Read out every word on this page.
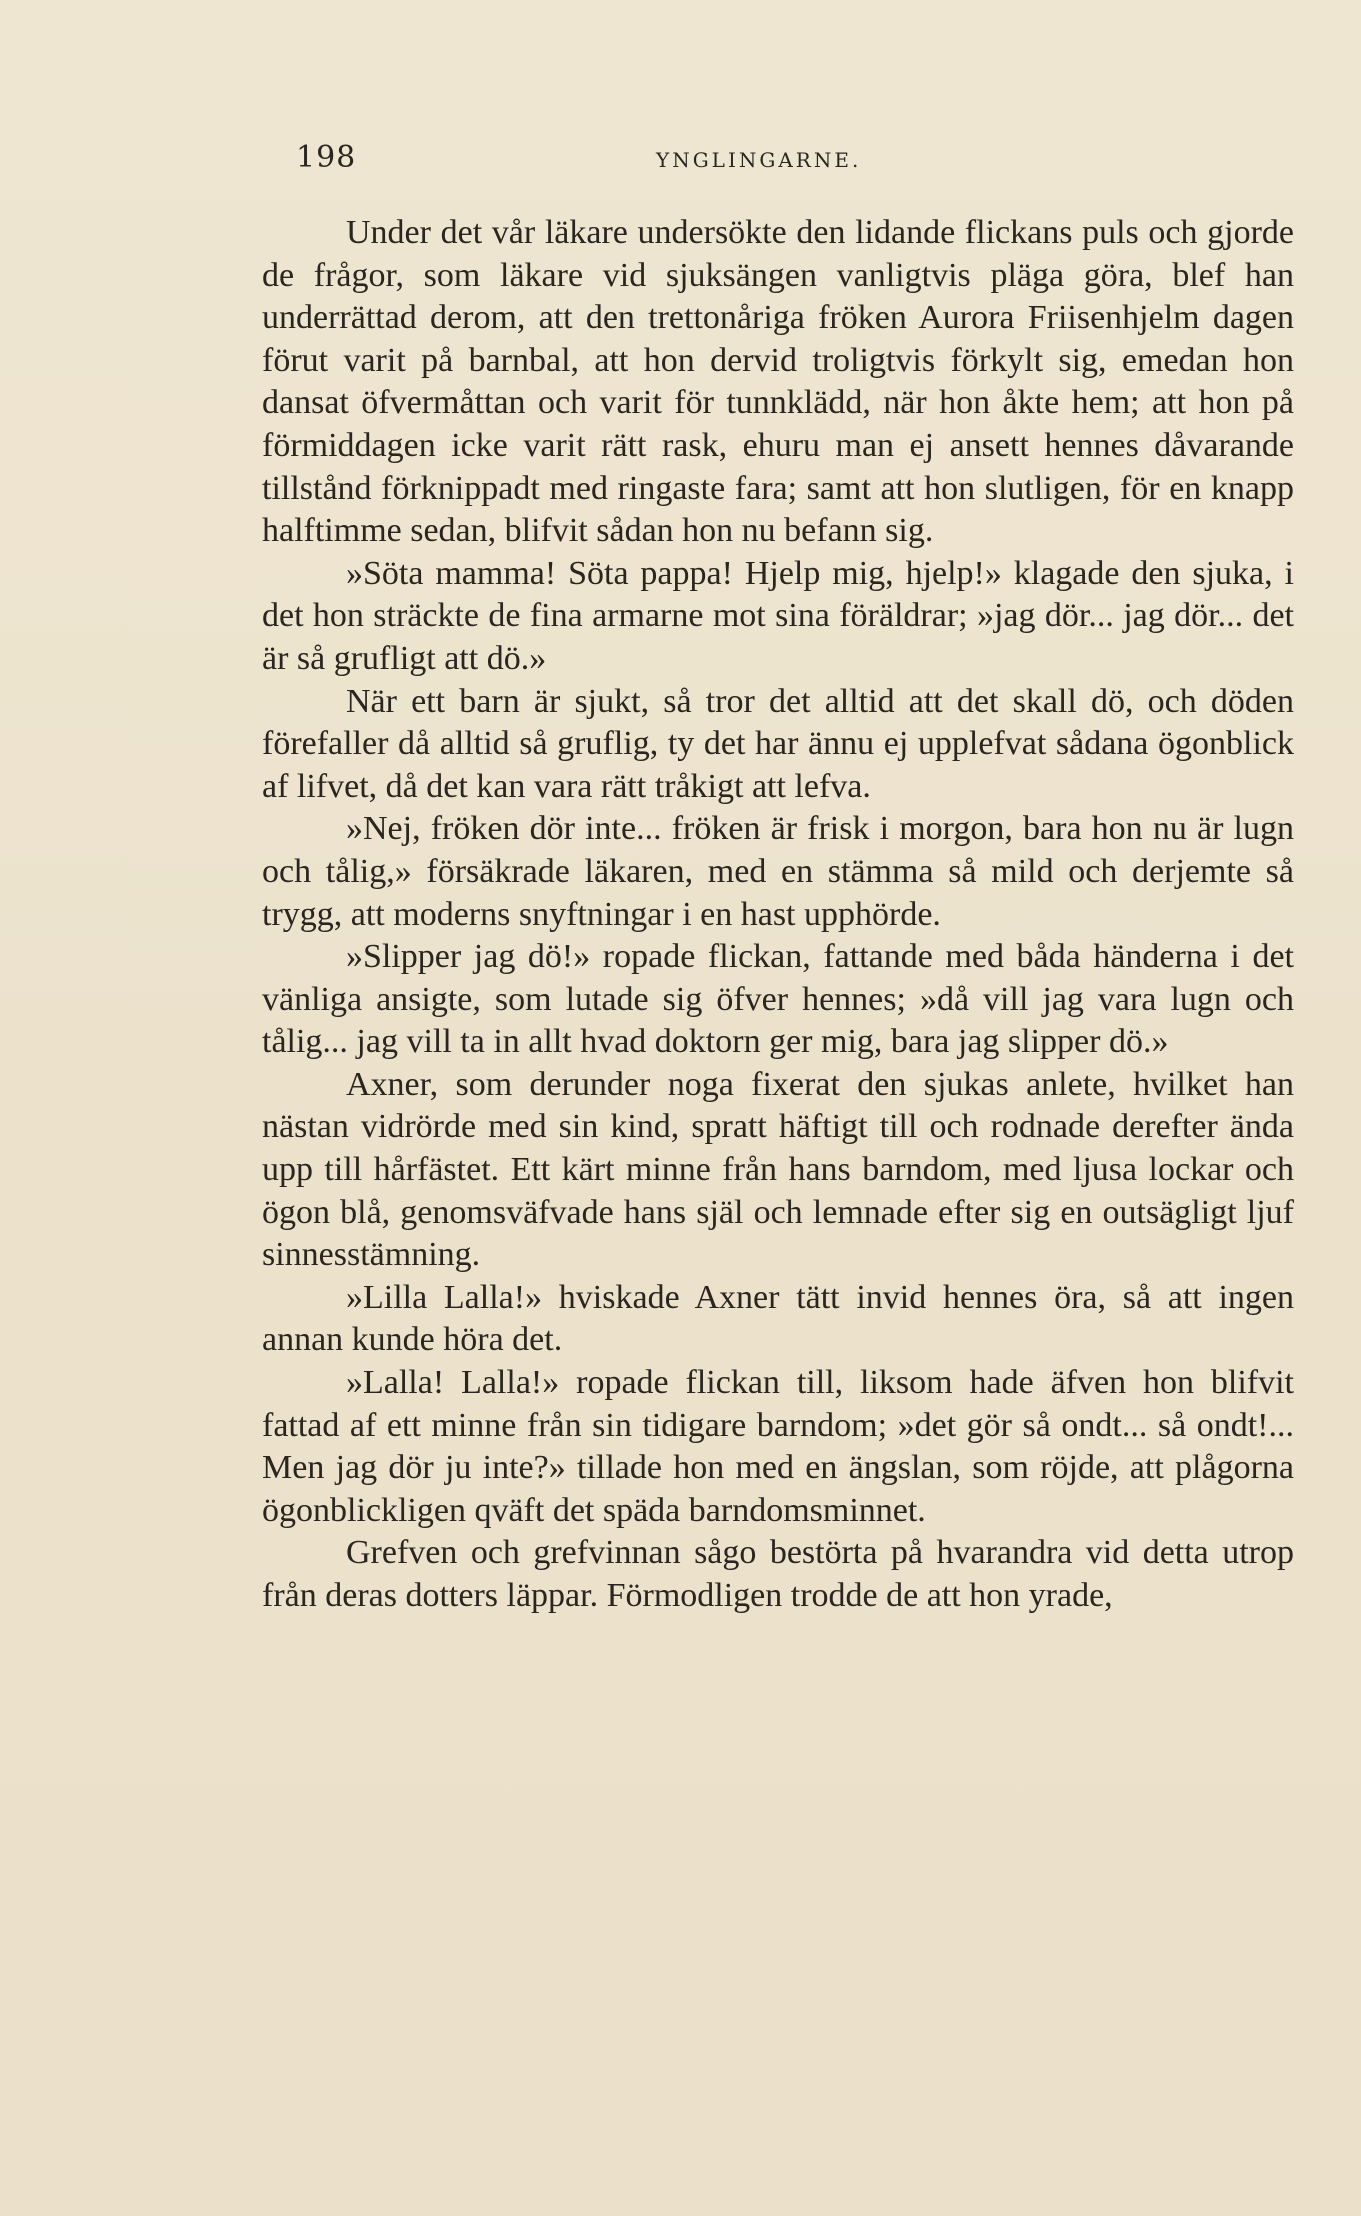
198	YNGLINGARNE.

Under det vår läkare undersökte den lidande flickans puls och gjorde de frågor, som läkare vid sjuksängen vanligtvis pläga göra, blef han underrättad derom, att den trettonåriga fröken Aurora Friisenhjelm dagen förut varit på barnbal, att hon dervid troligtvis förkylt sig, emedan hon dansat öfvermåttan och varit för tunnklädd, när hon åkte hem; att hon på förmiddagen icke varit rätt rask, ehuru man ej ansett hennes dåvarande tillstånd förknippadt med ringaste fara; samt att hon slutligen, för en knapp halftimme sedan, blifvit sådan hon nu befann sig.

»Söta mamma! Söta pappa! Hjelp mig, hjelp!» klagade den sjuka, i det hon sträckte de fina armarne mot sina föräldrar; »jag dör... jag dör... det är så grufligt att dö.»

När ett barn är sjukt, så tror det alltid att det skall dö, och döden förefaller då alltid så gruflig, ty det har ännu ej upplefvat sådana ögonblick af lifvet, då det kan vara rätt tråkigt att lefva.

»Nej, fröken dör inte... fröken är frisk i morgon, bara hon nu är lugn och tålig,» försäkrade läkaren, med en stämma så mild och derjemte så trygg, att moderns snyftningar i en hast upphörde.

»Slipper jag dö!» ropade flickan, fattande med båda händerna i det vänliga ansigte, som lutade sig öfver hennes; »då vill jag vara lugn och tålig... jag vill ta in allt hvad doktorn ger mig, bara jag slipper dö.»

Axner, som derunder noga fixerat den sjukas anlete, hvilket han nästan vidrörde med sin kind, spratt häftigt till och rodnade derefter ända upp till hårfästet. Ett kärt minne från hans barndom, med ljusa lockar och ögon blå, genomsväfvade hans själ och lemnade efter sig en outsägligt ljuf sinnesstämning.

»Lilla Lalla!» hviskade Axner tätt invid hennes öra, så att ingen annan kunde höra det.

»Lalla! Lalla!» ropade flickan till, liksom hade äfven hon blifvit fattad af ett minne från sin tidigare barndom; »det gör så ondt... så ondt!... Men jag dör ju inte?» tillade hon med en ängslan, som röjde, att plågorna ögonblickligen qväft det späda barndomsminnet.

Grefven och grefvinnan sågo bestörta på hvarandra vid detta utrop från deras dotters läppar. Förmodligen trodde de att hon yrade,
